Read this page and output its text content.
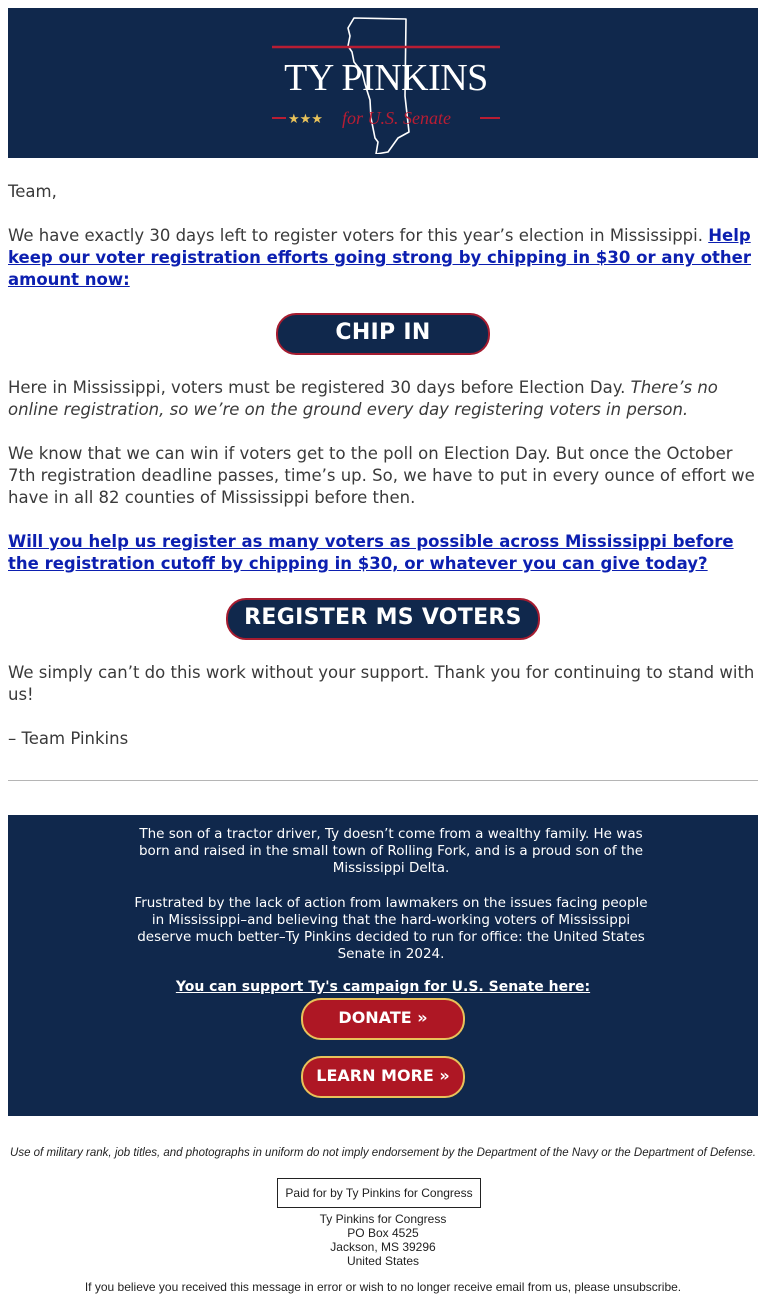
TY PINKINS
★★★ for U.S. Senate

Team,

We have exactly 30 days left to register voters for this year’s election in Mississippi. Help keep our voter registration efforts going strong by chipping in $30 or any other amount now:

CHIP IN

Here in Mississippi, voters must be registered 30 days before Election Day. There’s no online registration, so we’re on the ground every day registering voters in person.

We know that we can win if voters get to the poll on Election Day. But once the October 7th registration deadline passes, time’s up. So, we have to put in every ounce of effort we have in all 82 counties of Mississippi before then.

Will you help us register as many voters as possible across Mississippi before the registration cutoff by chipping in $30, or whatever you can give today?

REGISTER MS VOTERS

We simply can’t do this work without your support. Thank you for continuing to stand with us!

– Team Pinkins

The son of a tractor driver, Ty doesn’t come from a wealthy family. He was born and raised in the small town of Rolling Fork, and is a proud son of the Mississippi Delta.

Frustrated by the lack of action from lawmakers on the issues facing people in Mississippi–and believing that the hard-working voters of Mississippi deserve much better–Ty Pinkins decided to run for office: the United States Senate in 2024.

You can support Ty's campaign for U.S. Senate here:
DONATE »
LEARN MORE »

Use of military rank, job titles, and photographs in uniform do not imply endorsement by the Department of the Navy or the Department of Defense.

Paid for by Ty Pinkins for Congress
Ty Pinkins for Congress
PO Box 4525
Jackson, MS 39296
United States
If you believe you received this message in error or wish to no longer receive email from us, please unsubscribe.
